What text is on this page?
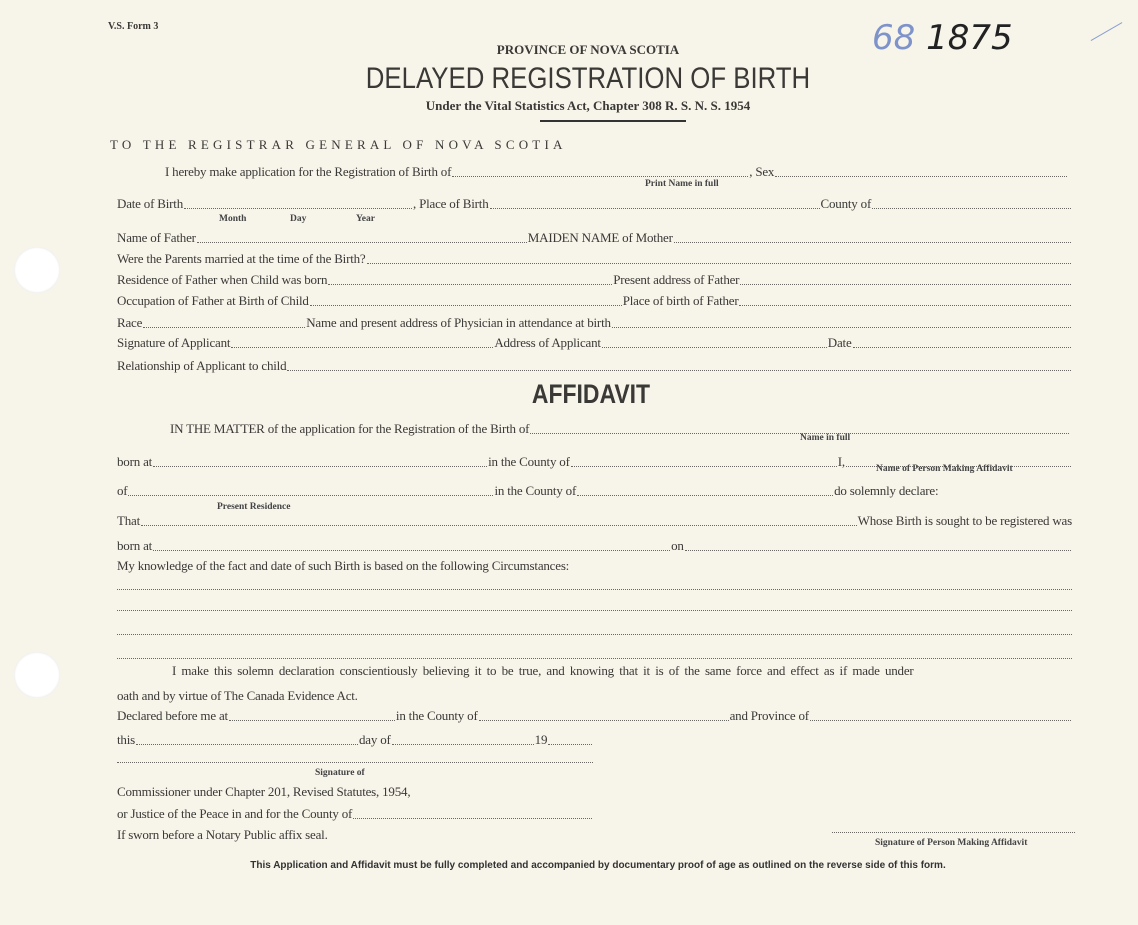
V.S. Form 3
PROVINCE OF NOVA SCOTIA
DELAYED REGISTRATION OF BIRTH
Under the Vital Statistics Act, Chapter 308 R. S. N. S. 1954
68 1875
TO THE REGISTRAR GENERAL OF NOVA SCOTIA
I hereby make application for the Registration of Birth of	, Sex
Print Name in full
Date of Birth	, Place of Birth	County of
Month	Day	Year
Name of Father	MAIDEN NAME of Mother
Were the Parents married at the time of the Birth?
Residence of Father when Child was born	Present address of Father
Occupation of Father at Birth of Child	Place of birth of Father
Race	Name and present address of Physician in attendance at birth
Signature of Applicant	Address of Applicant	Date
Relationship of Applicant to child
AFFIDAVIT
IN THE MATTER of the application for the Registration of the Birth of
Name in full
born at	in the County of	I,	Name of Person Making Affidavit
of	in the County of	do solemnly declare:
Present Residence
That	Whose Birth is sought to be registered was
born at	on
My knowledge of the fact and date of such Birth is based on the following Circumstances:
I make this solemn declaration conscientiously believing it to be true, and knowing that it is of the same force and effect as if made under
oath and by virtue of The Canada Evidence Act.
Declared before me at	in the County of	and Province of
this	day of	19
Signature of
Commissioner under Chapter 201, Revised Statutes, 1954,
or Justice of the Peace in and for the County of
If sworn before a Notary Public affix seal.
Signature of Person Making Affidavit
This Application and Affidavit must be fully completed and accompanied by documentary proof of age as outlined on the reverse side of this form.
